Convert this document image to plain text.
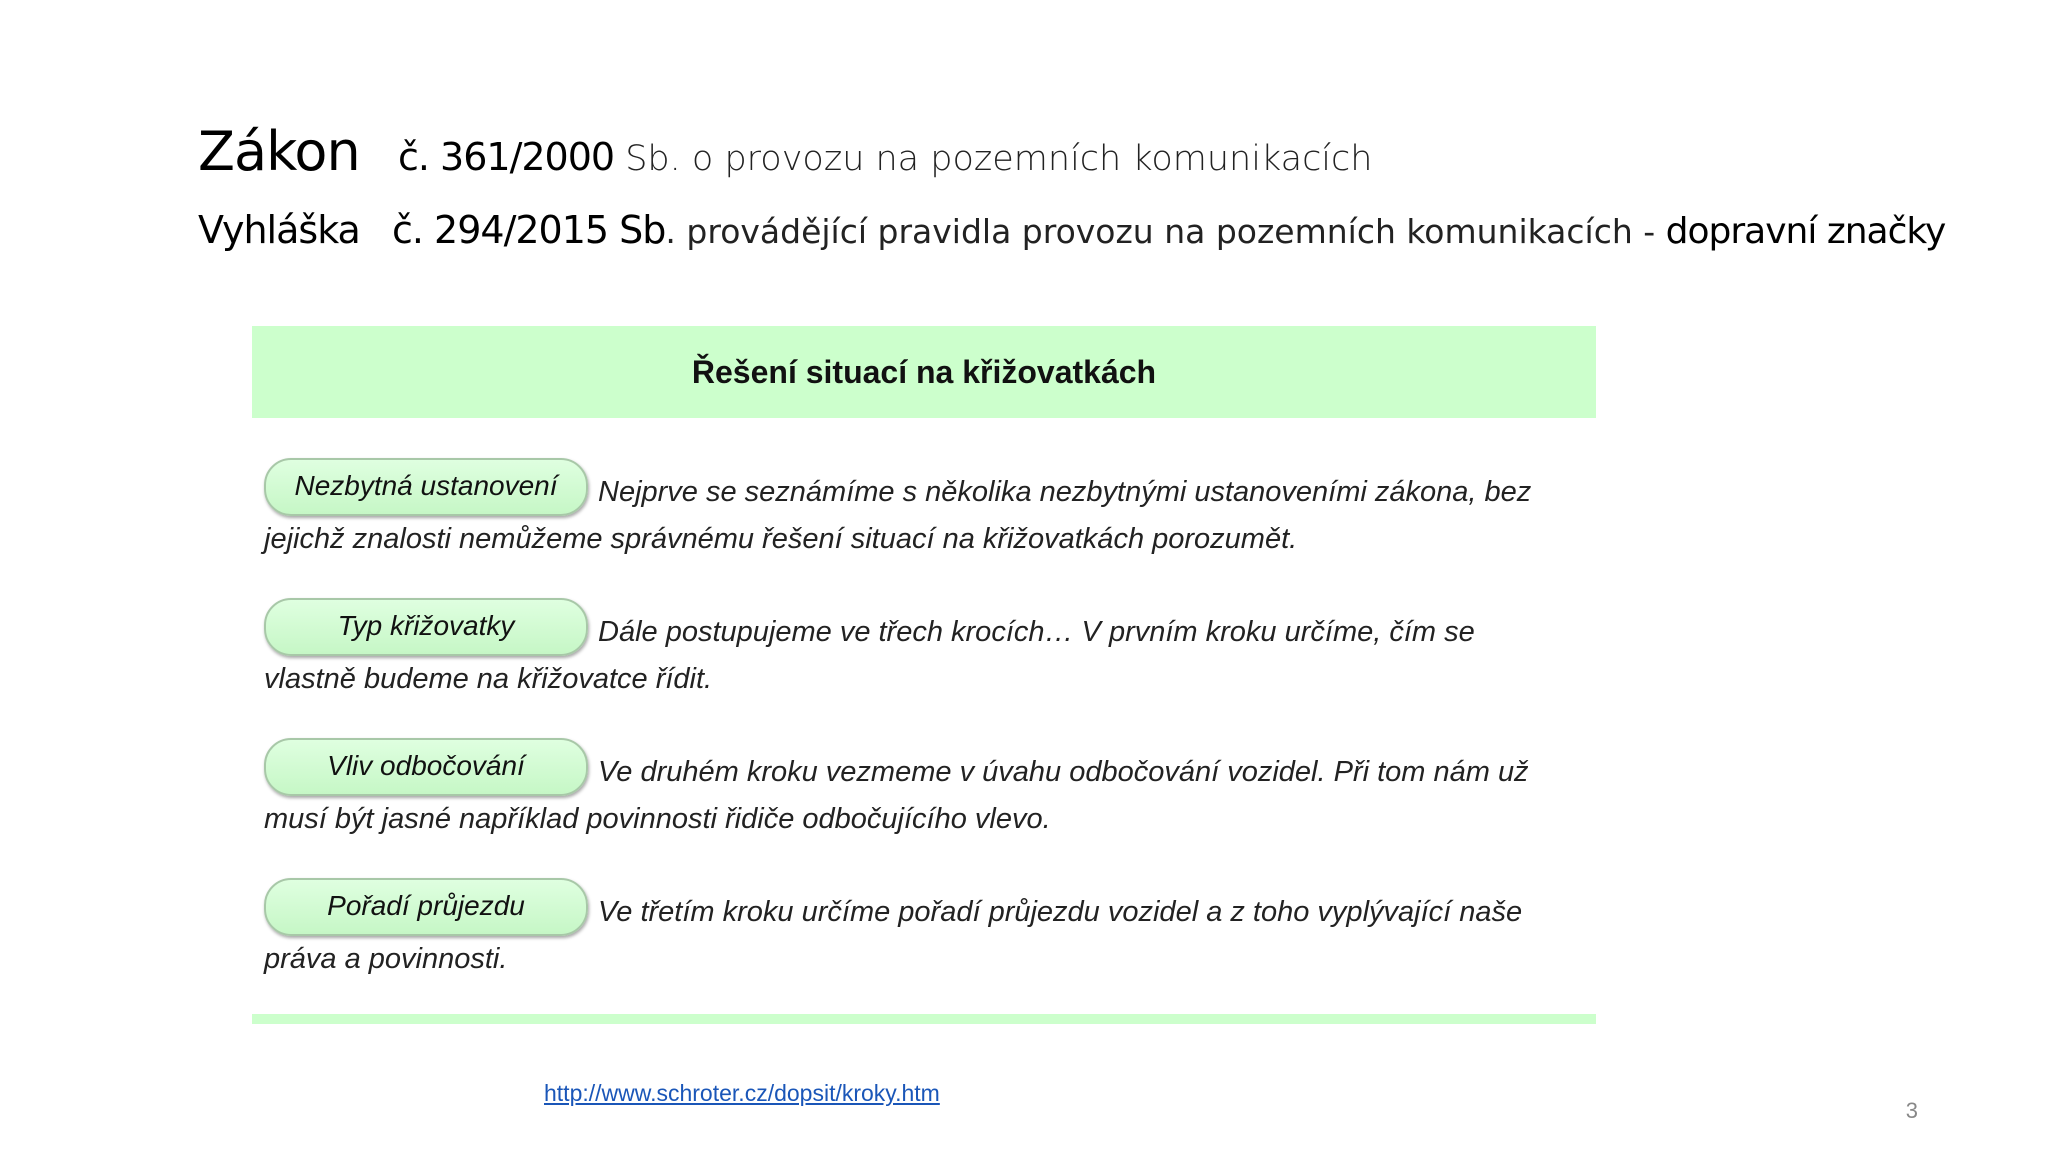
Zákon č. 361/2000 Sb. o provozu na pozemních komunikacích
Vyhláška č. 294/2015 Sb. provádějící pravidla provozu na pozemních komunikacích - dopravní značky
Řešení situací na křižovatkách
Nezbytná ustanovení Nejprve se seznámíme s několika nezbytnými ustanoveními zákona, bez jejichž znalosti nemůžeme správnému řešení situací na křižovatkách porozumět.
Typ křižovatky	Dále postupujeme ve třech krocích… V prvním kroku určíme, čím se vlastně budeme na křižovatce řídit.
Vliv odbočování	Ve druhém kroku vezmeme v úvahu odbočování vozidel. Při tom nám už musí být jasné například povinnosti řidiče odbočujícího vlevo.
Pořadí průjezdu	Ve třetím kroku určíme pořadí průjezdu vozidel a z toho vyplývající naše práva a povinnosti.
http://www.schroter.cz/dopsit/kroky.htm
3
